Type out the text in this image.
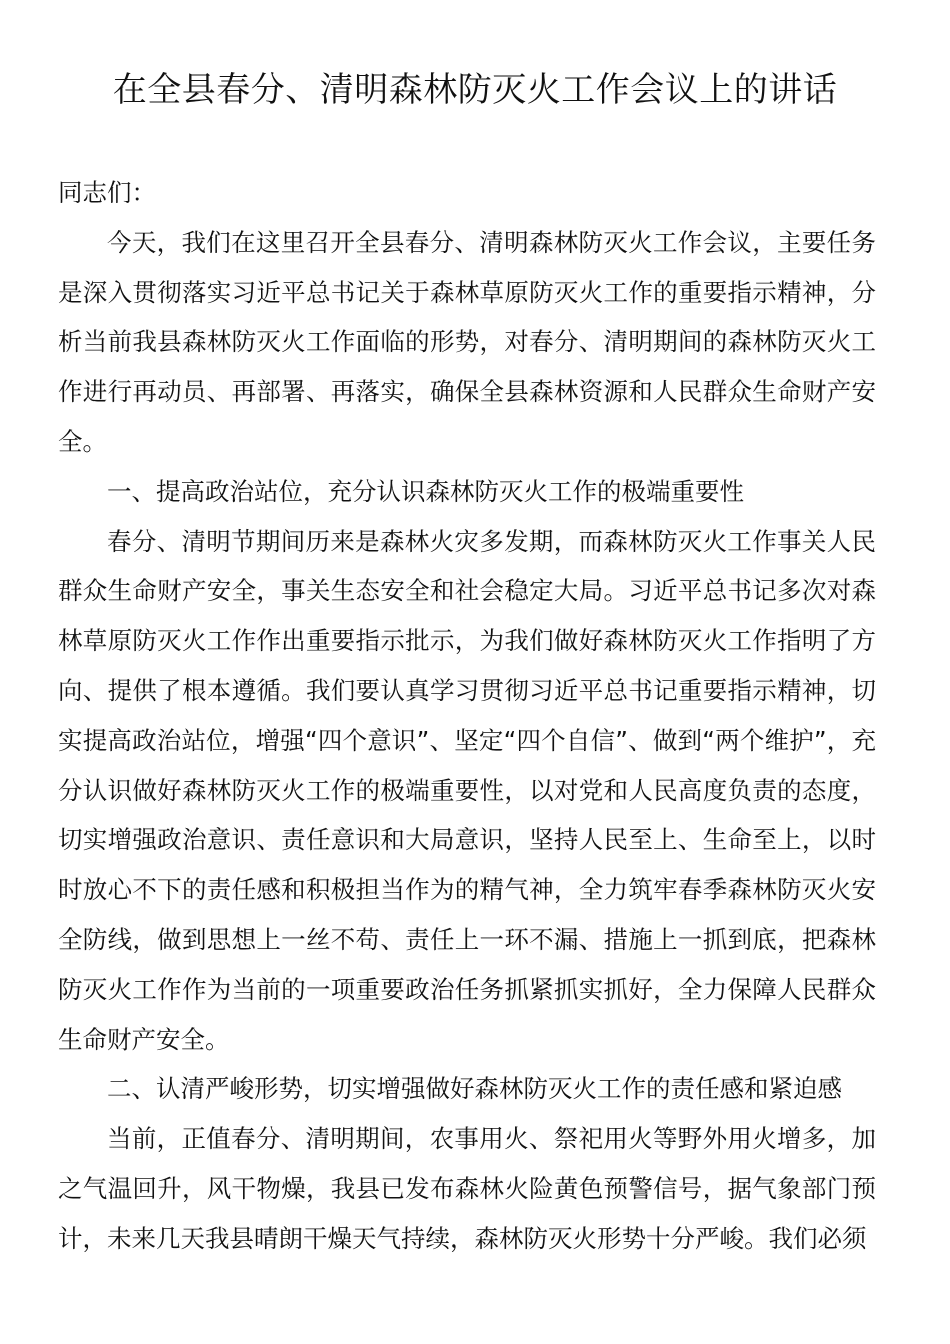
在全县春分、清明森林防灭火工作会议上的讲话

同志们：

今天，我们在这里召开全县春分、清明森林防灭火工作会议，主要任务是深入贯彻落实习近平总书记关于森林草原防灭火工作的重要指示精神，分析当前我县森林防灭火工作面临的形势，对春分、清明期间的森林防灭火工作进行再动员、再部署、再落实，确保全县森林资源和人民群众生命财产安全。

一、提高政治站位，充分认识森林防灭火工作的极端重要性

春分、清明节期间历来是森林火灾多发期，而森林防灭火工作事关人民群众生命财产安全，事关生态安全和社会稳定大局。习近平总书记多次对森林草原防灭火工作作出重要指示批示，为我们做好森林防灭火工作指明了方向、提供了根本遵循。我们要认真学习贯彻习近平总书记重要指示精神，切实提高政治站位，增强“四个意识”、坚定“四个自信”、做到“两个维护”，充分认识做好森林防灭火工作的极端重要性，以对党和人民高度负责的态度，切实增强政治意识、责任意识和大局意识，坚持人民至上、生命至上，以时时放心不下的责任感和积极担当作为的精气神，全力筑牢春季森林防灭火安全防线，做到思想上一丝不苟、责任上一环不漏、措施上一抓到底，把森林防灭火工作作为当前的一项重要政治任务抓紧抓实抓好，全力保障人民群众生命财产安全。

二、认清严峻形势，切实增强做好森林防灭火工作的责任感和紧迫感

当前，正值春分、清明期间，农事用火、祭祀用火等野外用火增多，加之气温回升，风干物燥，我县已发布森林火险黄色预警信号，据气象部门预计，未来几天我县晴朗干燥天气持续，森林防灭火形势十分严峻。我们必须
